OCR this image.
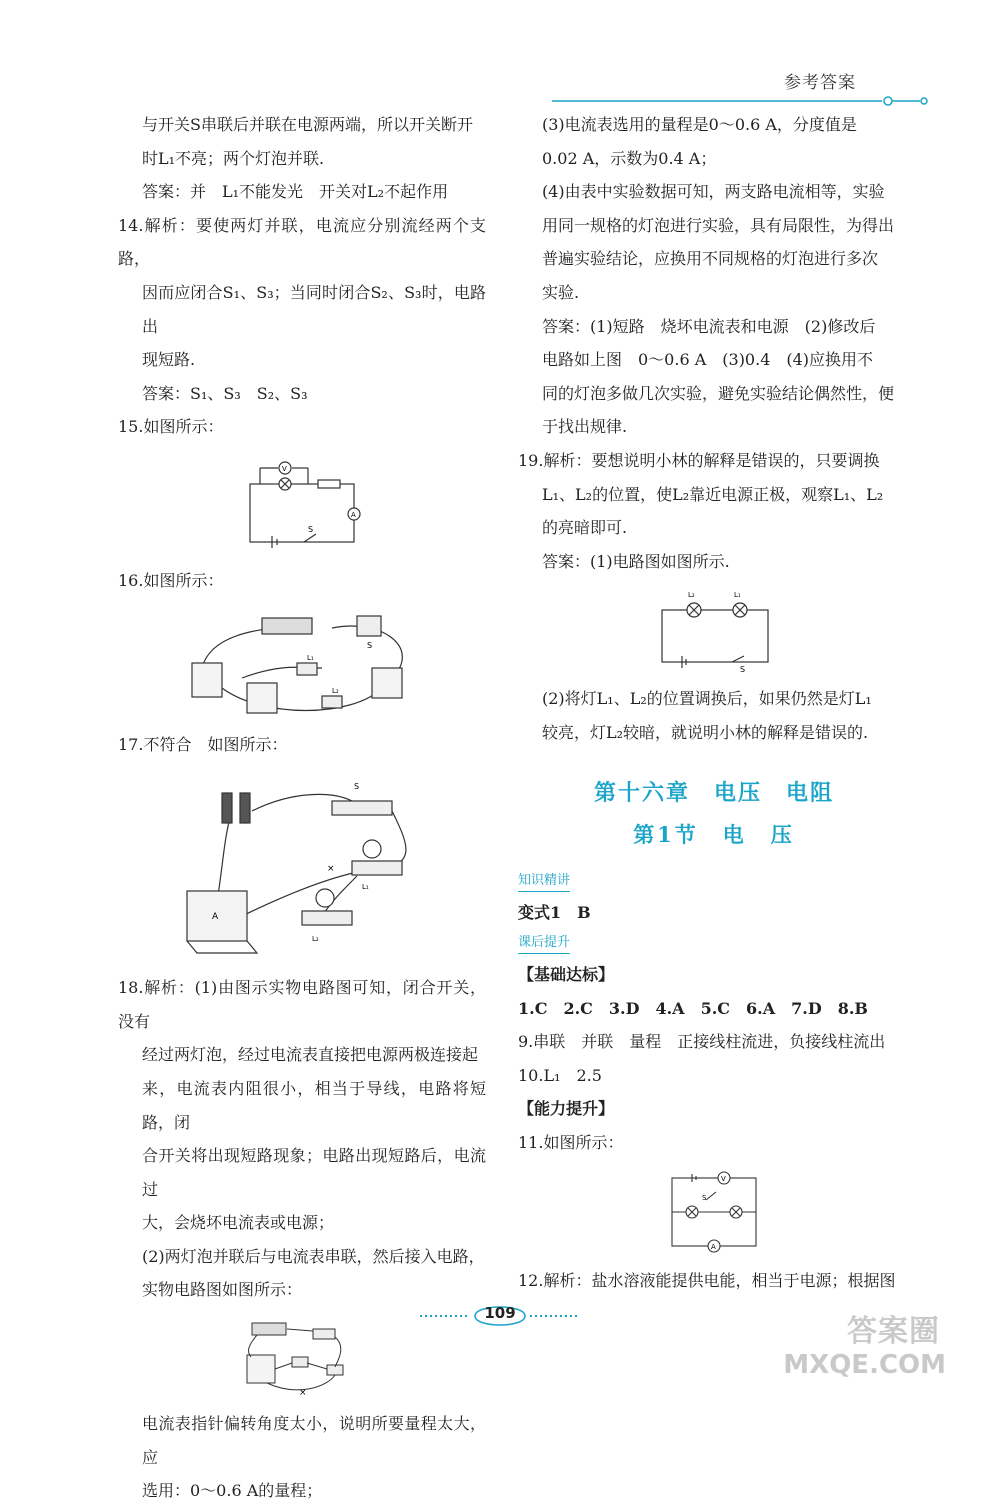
参考答案

与开关S串联后并联在电源两端，所以开关断开

时L₁不亮；两个灯泡并联.

答案：并　L₁不能发光　开关对L₂不起作用

14.解析：要使两灯并联，电流应分别流经两个支路，

因而应闭合S₁、S₃；当同时闭合S₂、S₃时，电路出

现短路.

答案：S₁、S₃　S₂、S₃

15.如图所示：

V
A
S

16.如图所示：

S
L₁
L₂

17.不符合　如图所示：

S
L₁
L₂
A
×

18.解析：(1)由图示实物电路图可知，闭合开关，没有

经过两灯泡，经过电流表直接把电源两极连接起

来，电流表内阻很小，相当于导线，电路将短路，闭

合开关将出现短路现象；电路出现短路后，电流过

大，会烧坏电流表或电源；

(2)两灯泡并联后与电流表串联，然后接入电路，

实物电路图如图所示：

×

电流表指针偏转角度太小，说明所要量程太大，应

选用：0～0.6 A的量程；

(3)电流表选用的量程是0～0.6 A，分度值是

0.02 A，示数为0.4 A；

(4)由表中实验数据可知，两支路电流相等，实验

用同一规格的灯泡进行实验，具有局限性，为得出

普遍实验结论，应换用不同规格的灯泡进行多次

实验.

答案：(1)短路　烧坏电流表和电源　(2)修改后

电路如上图　0～0.6 A　(3)0.4　(4)应换用不

同的灯泡多做几次实验，避免实验结论偶然性，便

于找出规律.

19.解析：要想说明小林的解释是错误的，只要调换

L₁、L₂的位置，使L₂靠近电源正极，观察L₁、L₂

的亮暗即可.

答案：(1)电路图如图所示.

L₂	L₁
S

(2)将灯L₁、L₂的位置调换后，如果仍然是灯L₁

较亮，灯L₂较暗，就说明小林的解释是错误的.

第十六章　电压　电阻
第1节　电　压
知识精讲

变式1　B

课后提升

【基础达标】

1.C　2.C　3.D　4.A　5.C　6.A　7.D　8.B

9.串联　并联　量程　正接线柱流进，负接线柱流出

10.L₁　2.5

【能力提升】

11.如图所示：

V
S
A

12.解析：盐水溶液能提供电能，相当于电源；根据图

109
答案圈
MXQE.COM
